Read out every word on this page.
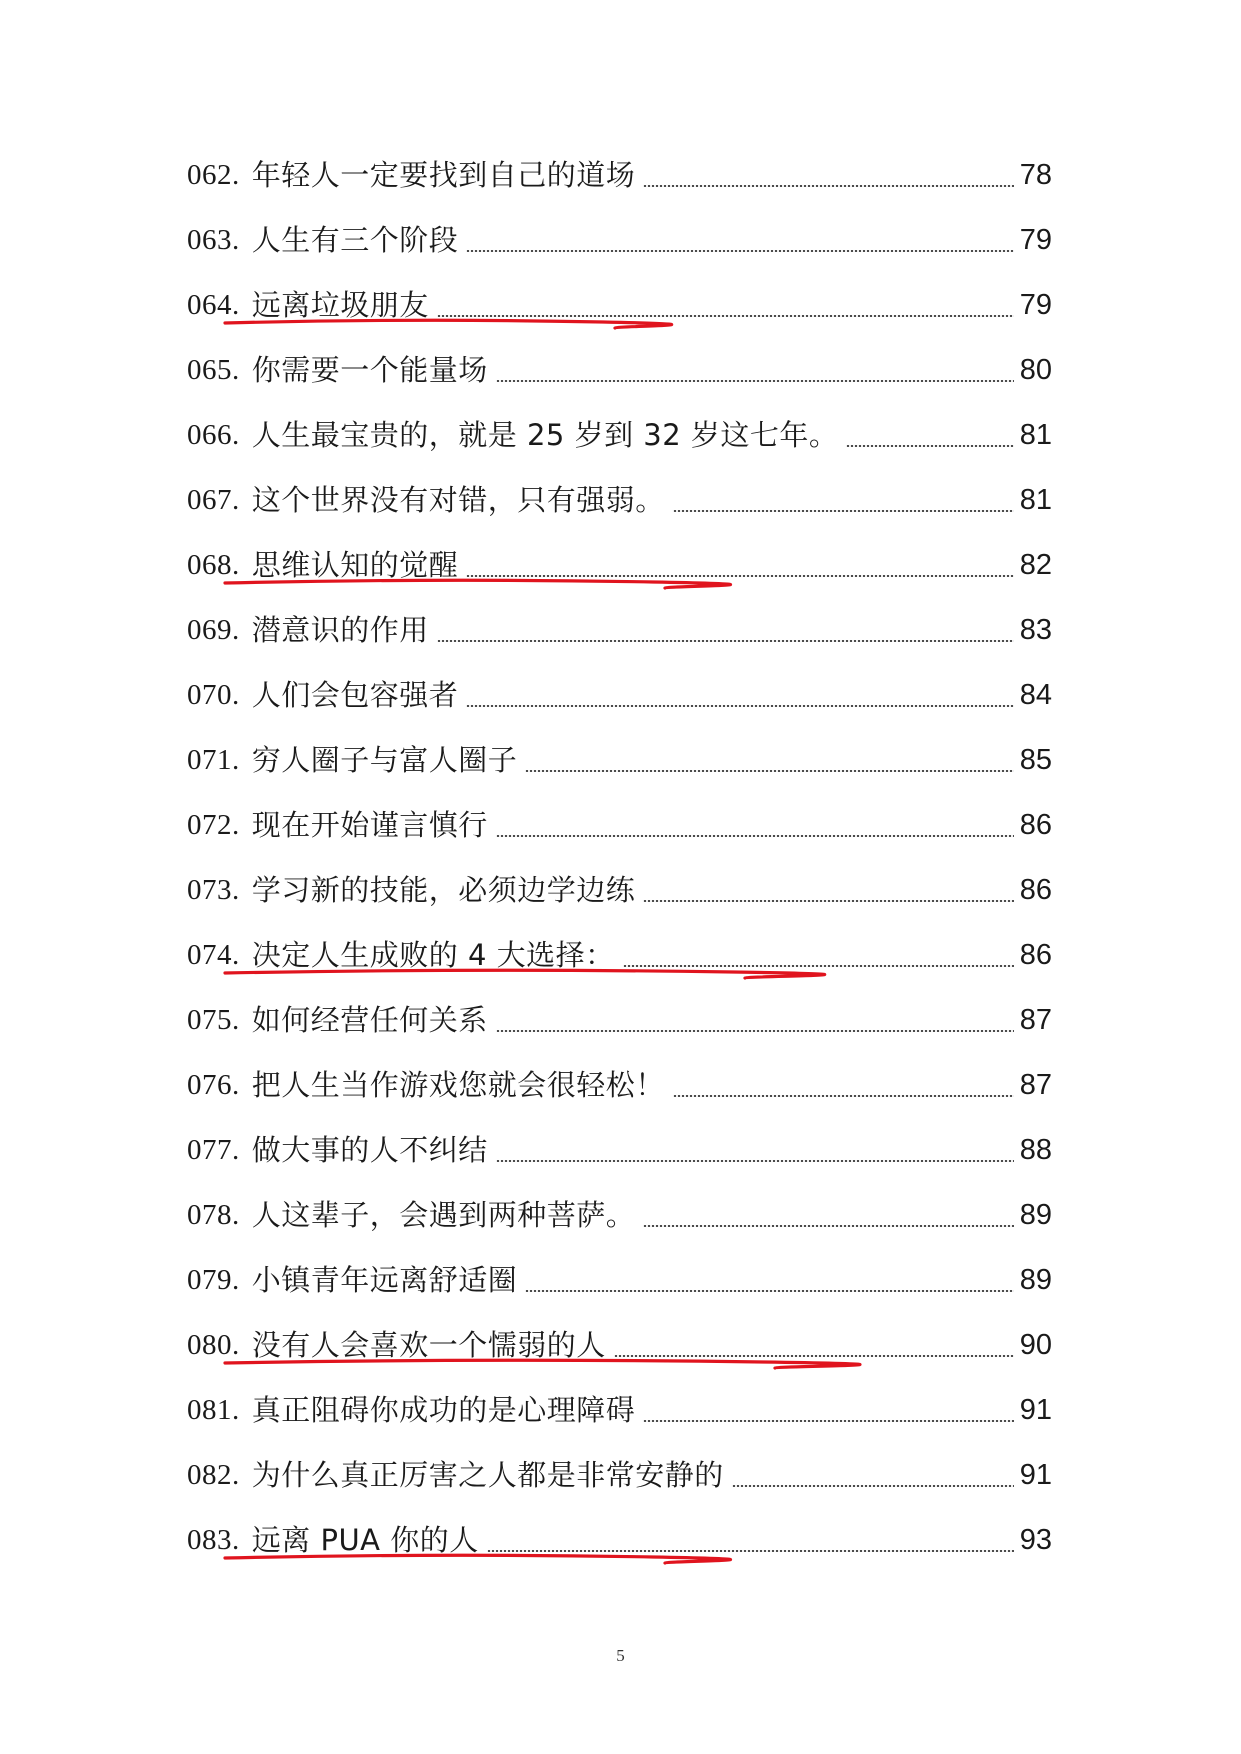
062. 年轻人一定要找到自己的道场	78
063. 人生有三个阶段	79
064. 远离垃圾朋友	79
065. 你需要一个能量场	80
066. 人生最宝贵的，就是 25 岁到 32 岁这七年。	81
067. 这个世界没有对错，只有强弱。	81
068. 思维认知的觉醒	82
069. 潜意识的作用	83
070. 人们会包容强者	84
071. 穷人圈子与富人圈子	85
072. 现在开始谨言慎行	86
073. 学习新的技能，必须边学边练	86
074. 决定人生成败的 4 大选择：	86
075. 如何经营任何关系	87
076. 把人生当作游戏您就会很轻松！	87
077. 做大事的人不纠结	88
078. 人这辈子，会遇到两种菩萨。	89
079. 小镇青年远离舒适圈	89
080. 没有人会喜欢一个懦弱的人	90
081. 真正阻碍你成功的是心理障碍	91
082. 为什么真正厉害之人都是非常安静的	91
083. 远离 PUA 你的人	93
5
